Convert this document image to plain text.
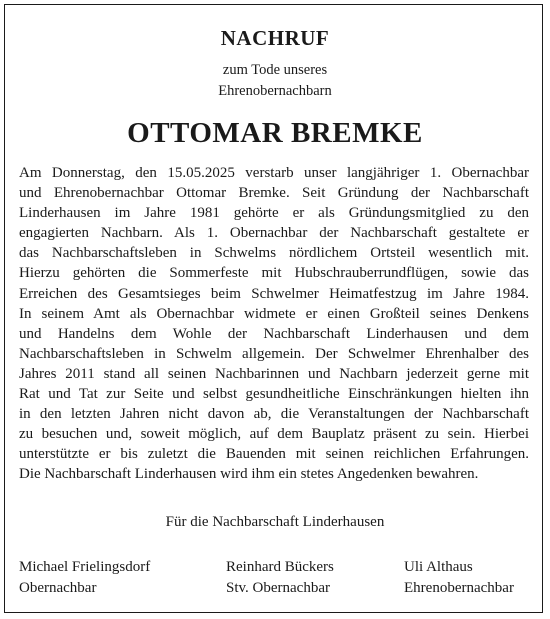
NACHRUF
zum Tode unseres
Ehrenobernachbarn
OTTOMAR BREMKE
Am Donnerstag, den 15.05.2025 verstarb unser langjähriger 1. Obernachbar
und Ehrenobernachbar Ottomar Bremke. Seit Gründung der Nachbarschaft
Linderhausen im Jahre 1981 gehörte er als Gründungsmitglied zu den
engagierten Nachbarn. Als 1. Obernachbar der Nachbarschaft gestaltete er
das Nachbarschaftsleben in Schwelms nördlichem Ortsteil wesentlich mit.
Hierzu gehörten die Sommerfeste mit Hubschrauberrundflügen, sowie das
Erreichen des Gesamtsieges beim Schwelmer Heimatfestzug im Jahre 1984.
In seinem Amt als Obernachbar widmete er einen Großteil seines Denkens
und Handelns dem Wohle der Nachbarschaft Linderhausen und dem
Nachbarschaftsleben in Schwelm allgemein. Der Schwelmer Ehrenhalber des
Jahres 2011 stand all seinen Nachbarinnen und Nachbarn jederzeit gerne mit
Rat und Tat zur Seite und selbst gesundheitliche Einschränkungen hielten ihn
in den letzten Jahren nicht davon ab, die Veranstaltungen der Nachbarschaft
zu besuchen und, soweit möglich, auf dem Bauplatz präsent zu sein. Hierbei
unterstützte er bis zuletzt die Bauenden mit seinen reichlichen Erfahrungen.
Die Nachbarschaft Linderhausen wird ihm ein stetes Angedenken bewahren.
Für die Nachbarschaft Linderhausen
Michael Frielingsdorf
Obernachbar
Reinhard Bückers
Stv. Obernachbar
Uli Althaus
Ehrenobernachbar
